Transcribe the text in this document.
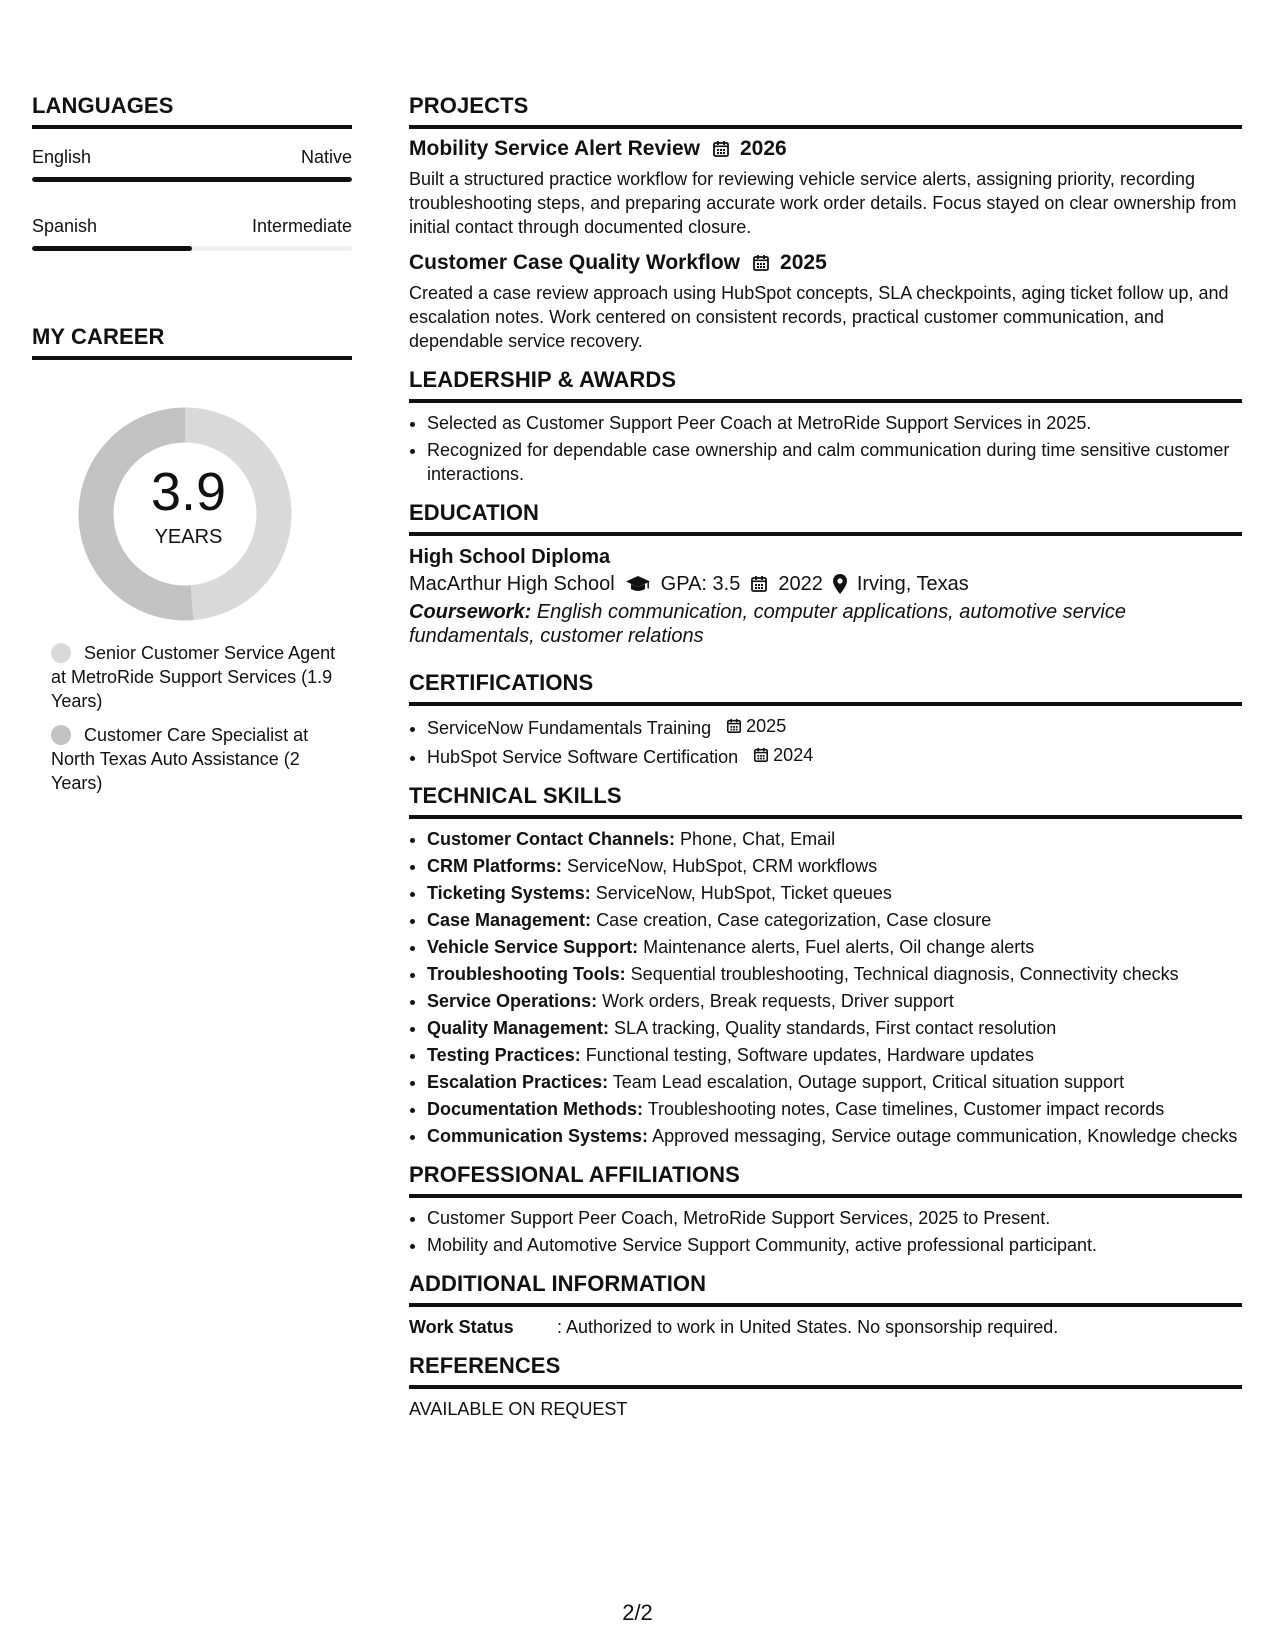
LANGUAGES
English	Native
Spanish	Intermediate
MY CAREER
3.9
YEARS
Senior Customer Service Agent at MetroRide Support Services (1.9 Years)
Customer Care Specialist at North Texas Auto Assistance (2 Years)
PROJECTS
Mobility Service Alert Review 2026
Built a structured practice workflow for reviewing vehicle service alerts, assigning priority, recording troubleshooting steps, and preparing accurate work order details. Focus stayed on clear ownership from initial contact through documented closure.
Customer Case Quality Workflow 2025
Created a case review approach using HubSpot concepts, SLA checkpoints, aging ticket follow up, and escalation notes. Work centered on consistent records, practical customer communication, and dependable service recovery.
LEADERSHIP & AWARDS
• Selected as Customer Support Peer Coach at MetroRide Support Services in 2025.
• Recognized for dependable case ownership and calm communication during time sensitive customer interactions.
EDUCATION
High School Diploma
MacArthur High School GPA: 3.5 2022 Irving, Texas
Coursework: English communication, computer applications, automotive service fundamentals, customer relations
CERTIFICATIONS
• ServiceNow Fundamentals Training 2025
• HubSpot Service Software Certification 2024
TECHNICAL SKILLS
• Customer Contact Channels: Phone, Chat, Email
• CRM Platforms: ServiceNow, HubSpot, CRM workflows
• Ticketing Systems: ServiceNow, HubSpot, Ticket queues
• Case Management: Case creation, Case categorization, Case closure
• Vehicle Service Support: Maintenance alerts, Fuel alerts, Oil change alerts
• Troubleshooting Tools: Sequential troubleshooting, Technical diagnosis, Connectivity checks
• Service Operations: Work orders, Break requests, Driver support
• Quality Management: SLA tracking, Quality standards, First contact resolution
• Testing Practices: Functional testing, Software updates, Hardware updates
• Escalation Practices: Team Lead escalation, Outage support, Critical situation support
• Documentation Methods: Troubleshooting notes, Case timelines, Customer impact records
• Communication Systems: Approved messaging, Service outage communication, Knowledge checks
PROFESSIONAL AFFILIATIONS
• Customer Support Peer Coach, MetroRide Support Services, 2025 to Present.
• Mobility and Automotive Service Support Community, active professional participant.
ADDITIONAL INFORMATION
Work Status	: Authorized to work in United States. No sponsorship required.
REFERENCES
AVAILABLE ON REQUEST
2/2
